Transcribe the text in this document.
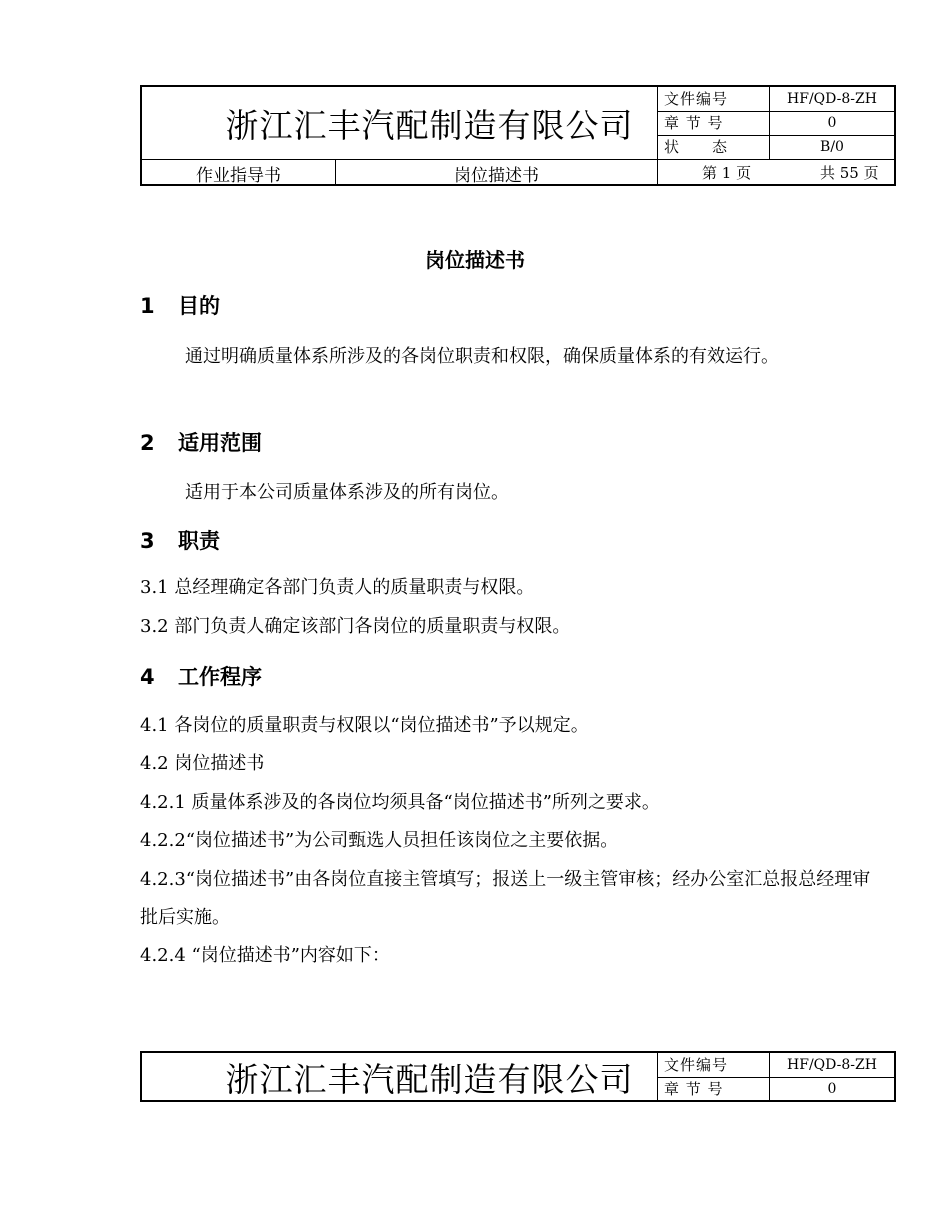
浙江汇丰汽配制造有限公司
文件编号	HF/QD-8-ZH
章 节 号	0
状　　态	B/0
作业指导书	岗位描述书	第 1 页	共 55 页
岗位描述书
1 目的
通过明确质量体系所涉及的各岗位职责和权限，确保质量体系的有效运行。
2 适用范围
适用于本公司质量体系涉及的所有岗位。
3 职责
3.1 总经理确定各部门负责人的质量职责与权限。
3.2 部门负责人确定该部门各岗位的质量职责与权限。
4 工作程序
4.1 各岗位的质量职责与权限以“岗位描述书”予以规定。
4.2 岗位描述书
4.2.1 质量体系涉及的各岗位均须具备“岗位描述书”所列之要求。
4.2.2“岗位描述书”为公司甄选人员担任该岗位之主要依据。
4.2.3“岗位描述书”由各岗位直接主管填写；报送上一级主管审核；经办公室汇总报总经理审批后实施。
4.2.4 “岗位描述书”内容如下：
浙江汇丰汽配制造有限公司	文件编号	HF/QD-8-ZH
章 节 号	0
